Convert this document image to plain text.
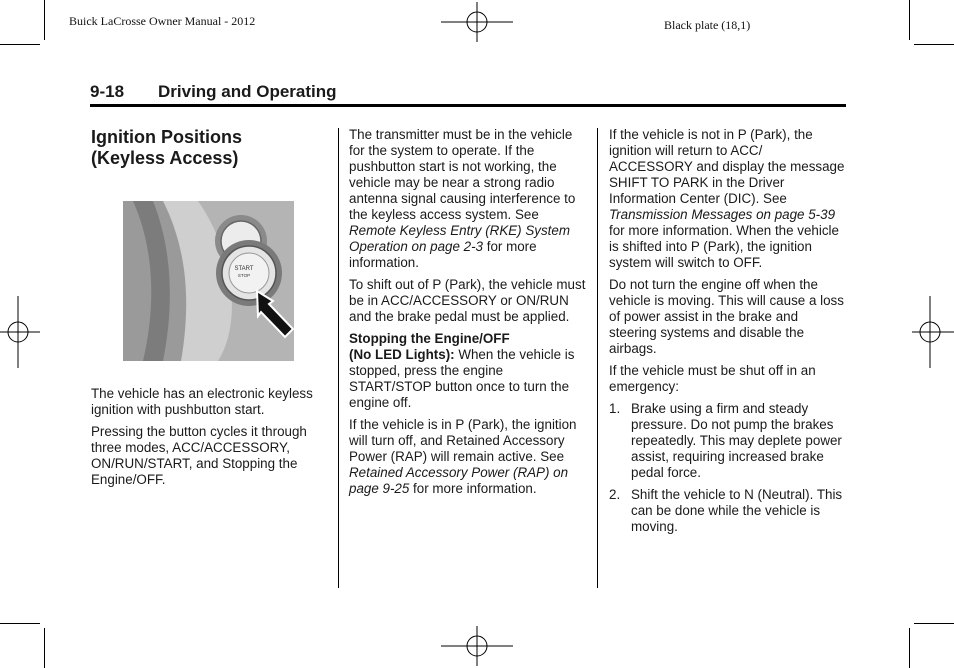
Buick LaCrosse Owner Manual - 2012	Black plate (18,1)
9-18 Driving and Operating
Ignition Positions
(Keyless Access)
START
STOP

The vehicle has an electronic keyless ignition with pushbutton start.

Pressing the button cycles it through three modes, ACC/ACCESSORY, ON/RUN/START, and Stopping the Engine/OFF.

The transmitter must be in the vehicle for the system to operate. If the pushbutton start is not working, the vehicle may be near a strong radio antenna signal causing interference to the keyless access system. See Remote Keyless Entry (RKE) System Operation on page 2-3 for more information.

To shift out of P (Park), the vehicle must be in ACC/ACCESSORY or ON/RUN and the brake pedal must be applied.

Stopping the Engine/OFF
(No LED Lights): When the vehicle is stopped, press the engine START/STOP button once to turn the engine off.

If the vehicle is in P (Park), the ignition will turn off, and Retained Accessory Power (RAP) will remain active. See Retained Accessory Power (RAP) on page 9-25 for more information.

If the vehicle is not in P (Park), the ignition will return to ACC/ ACCESSORY and display the message SHIFT TO PARK in the Driver Information Center (DIC). See Transmission Messages on page 5-39 for more information. When the vehicle is shifted into P (Park), the ignition system will switch to OFF.

Do not turn the engine off when the vehicle is moving. This will cause a loss of power assist in the brake and steering systems and disable the airbags.

If the vehicle must be shut off in an emergency:

1. Brake using a firm and steady pressure. Do not pump the brakes repeatedly. This may deplete power assist, requiring increased brake pedal force.

2. Shift the vehicle to N (Neutral). This can be done while the vehicle is moving.
